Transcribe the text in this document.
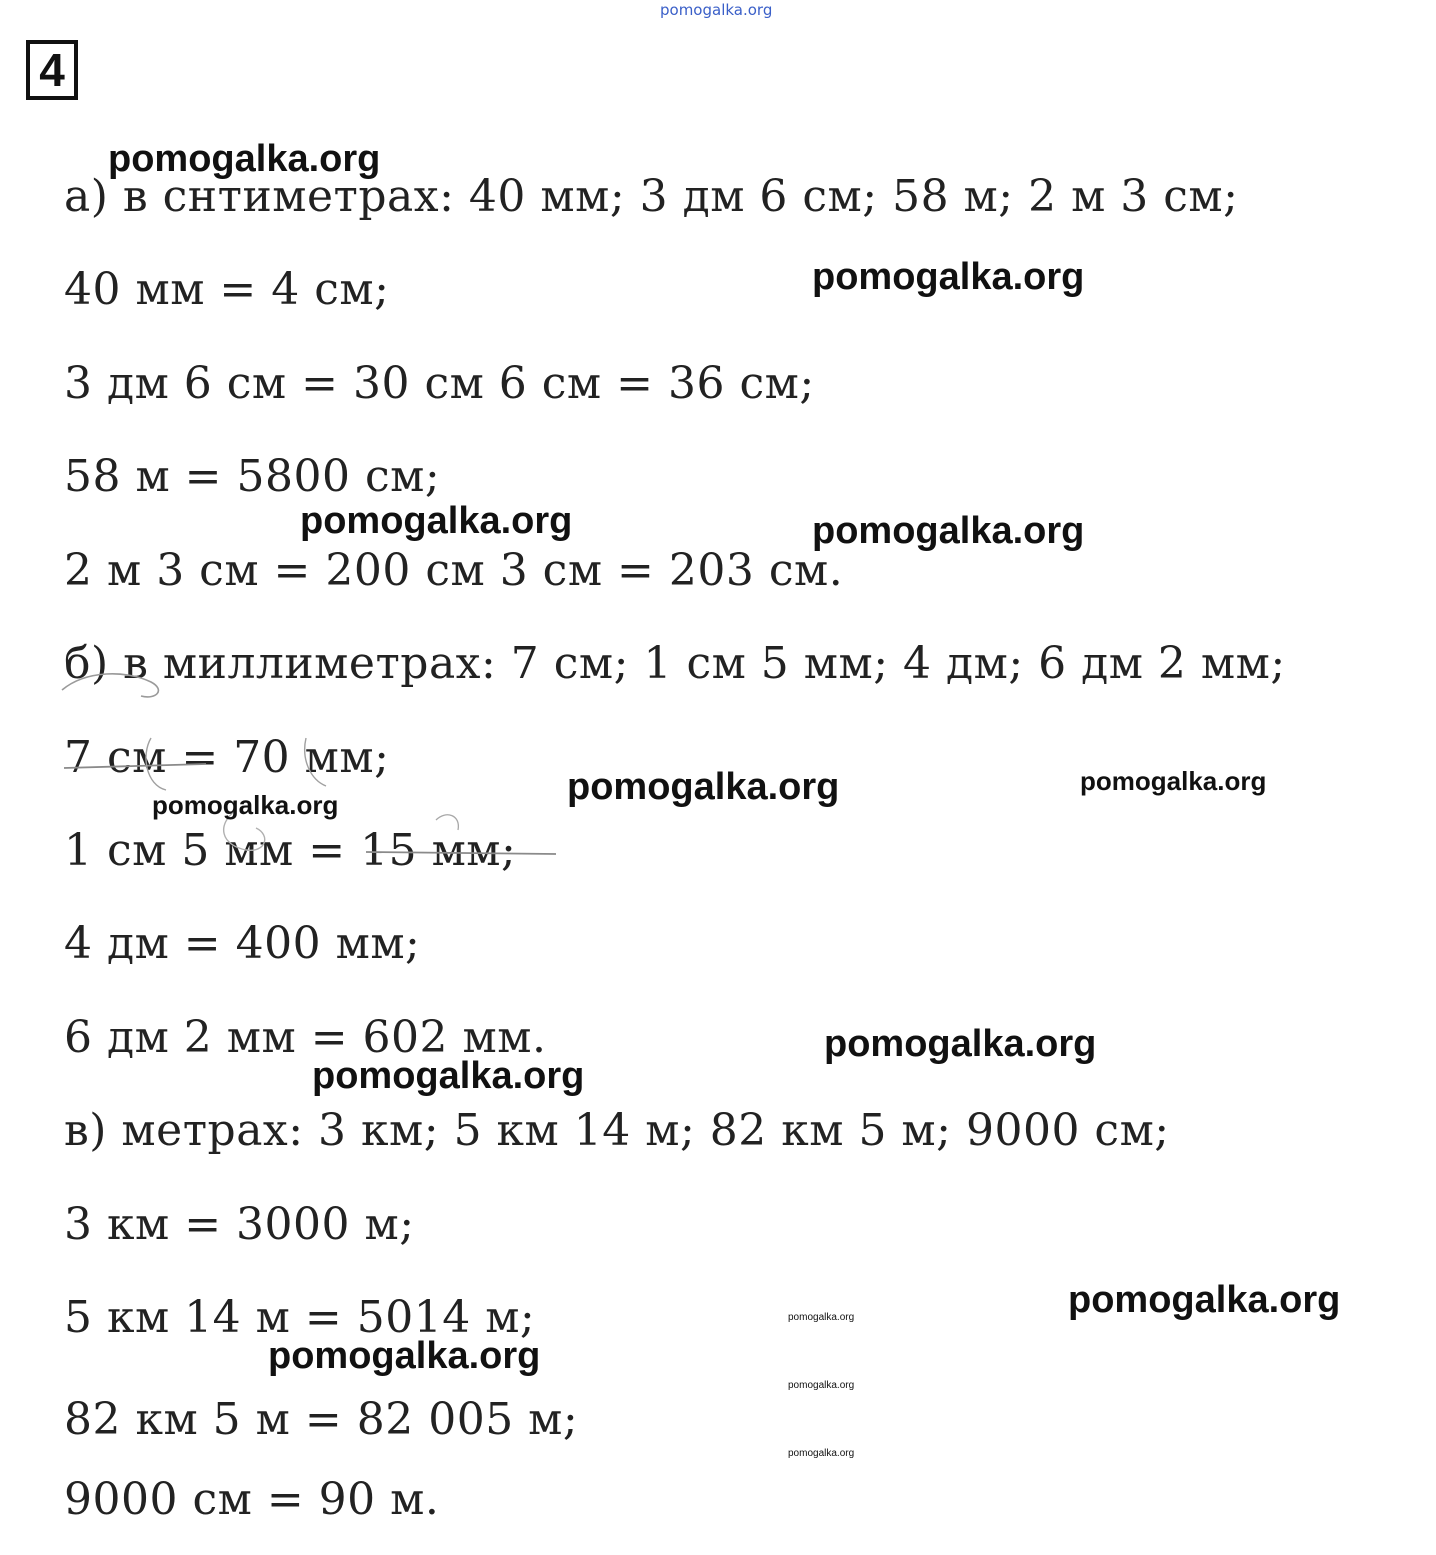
pomogalka.org
4
а) в снтиметрах: 40 мм; 3 дм 6 см; 58 м; 2 м 3 см;
40 мм = 4 см;
3 дм 6 см = 30 см 6 см = 36 см;
58 м = 5800 см;
2 м 3 см = 200 см 3 см = 203 см.
б) в миллиметрах: 7 см; 1 см 5 мм; 4 дм; 6 дм 2 мм;
7 см = 70 мм;
1 см 5 мм = 15 мм;
4 дм = 400 мм;
6 дм 2 мм = 602 мм.
в) метрах: 3 км; 5 км 14 м; 82 км 5 м; 9000 см;
3 км = 3000 м;
5 км 14 м = 5014 м;
82 км 5 м = 82 005 м;
9000 см = 90 м.
pomogalka.org
pomogalka.org
pomogalka.org	pomogalka.org
pomogalka.org	pomogalka.org
pomogalka.org
pomogalka.org
pomogalka.org
pomogalka.org
pomogalka.org
pomogalka.org
pomogalka.org
pomogalka.org
